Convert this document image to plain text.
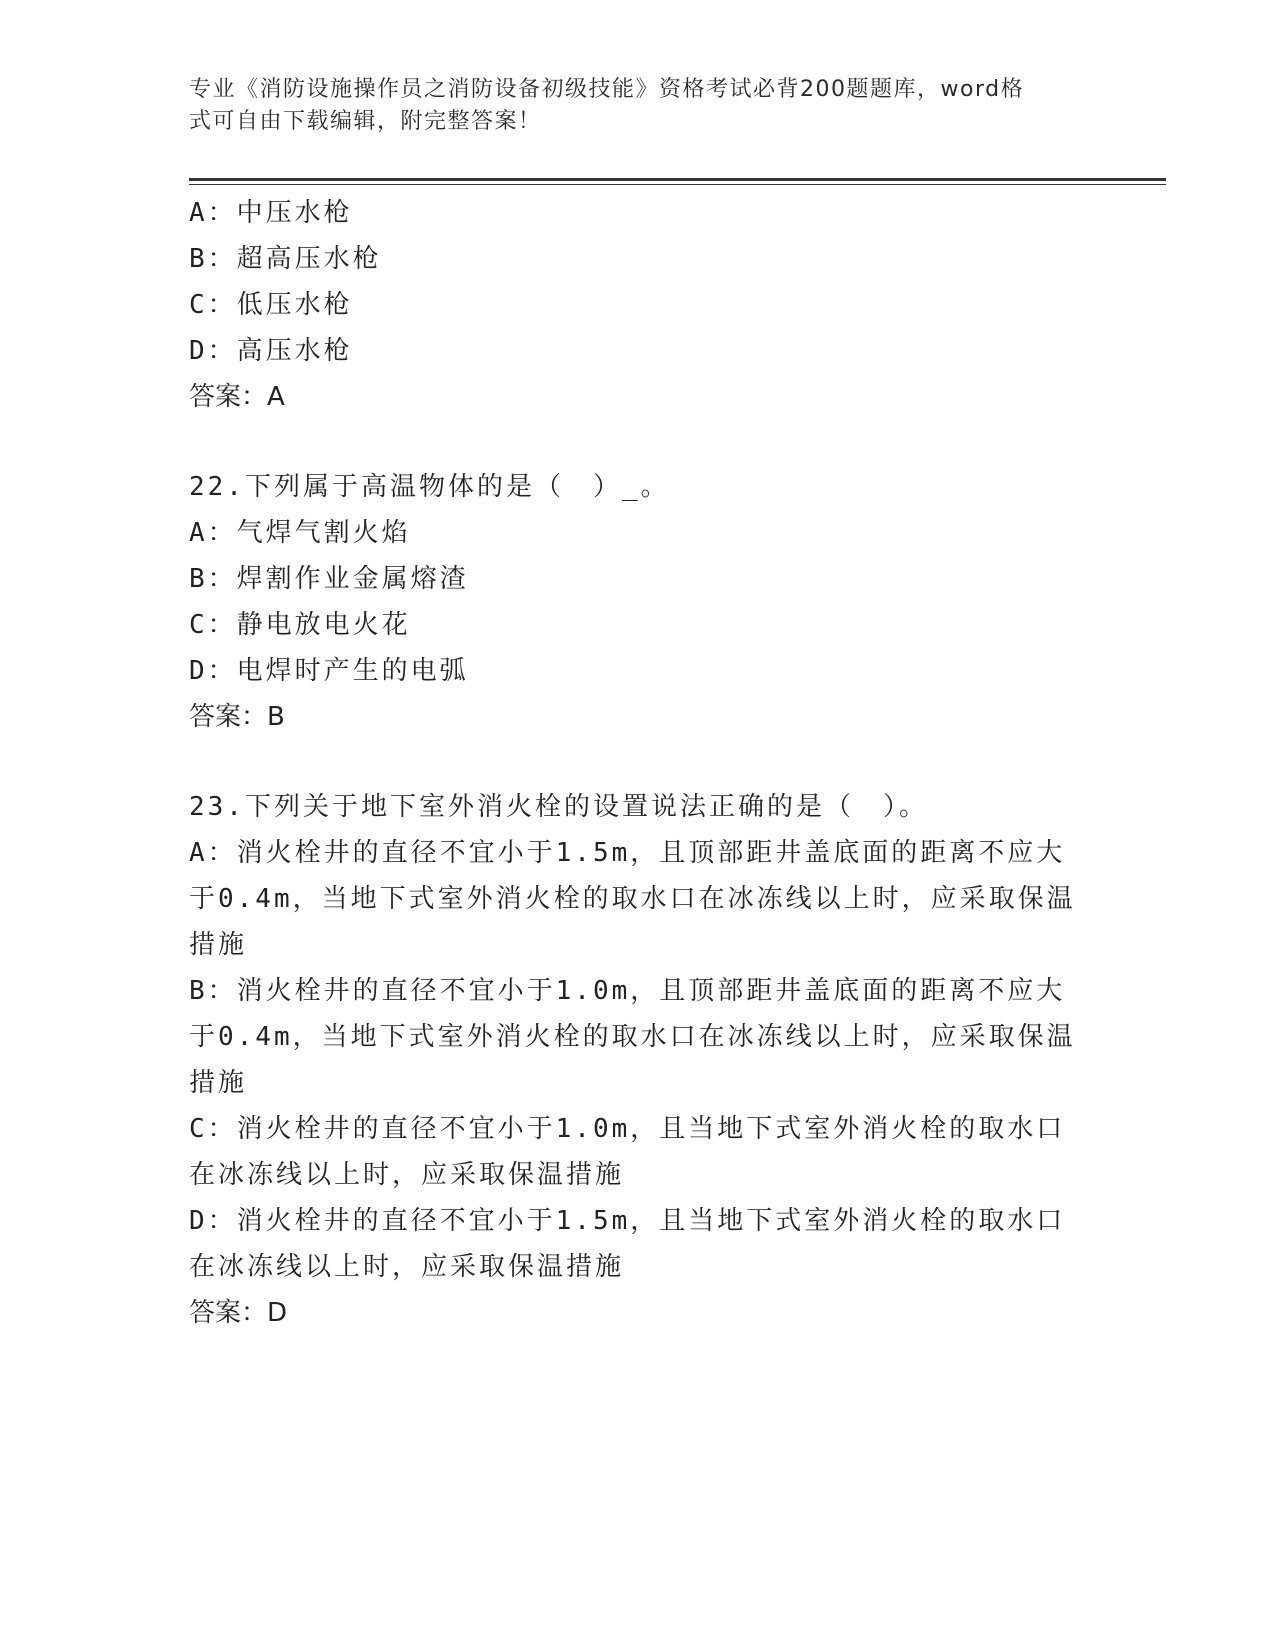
专业《消防设施操作员之消防设备初级技能》资格考试必背200题题库，word格
式可自由下载编辑，附完整答案！
A：中压水枪
B：超高压水枪
C：低压水枪
D：高压水枪
答案：A
22.下列属于高温物体的是（　）_。
A：气焊气割火焰
B：焊割作业金属熔渣
C：静电放电火花
D：电焊时产生的电弧
答案：B
23.下列关于地下室外消火栓的设置说法正确的是（　）。
A：消火栓井的直径不宜小于1.5m，且顶部距井盖底面的距离不应大于0.4m，当地下式室外消火栓的取水口在冰冻线以上时，应采取保温措施
B：消火栓井的直径不宜小于1.0m，且顶部距井盖底面的距离不应大于0.4m，当地下式室外消火栓的取水口在冰冻线以上时，应采取保温措施
C：消火栓井的直径不宜小于1.0m，且当地下式室外消火栓的取水口在冰冻线以上时，应采取保温措施
D：消火栓井的直径不宜小于1.5m，且当地下式室外消火栓的取水口在冰冻线以上时，应采取保温措施
答案：D
